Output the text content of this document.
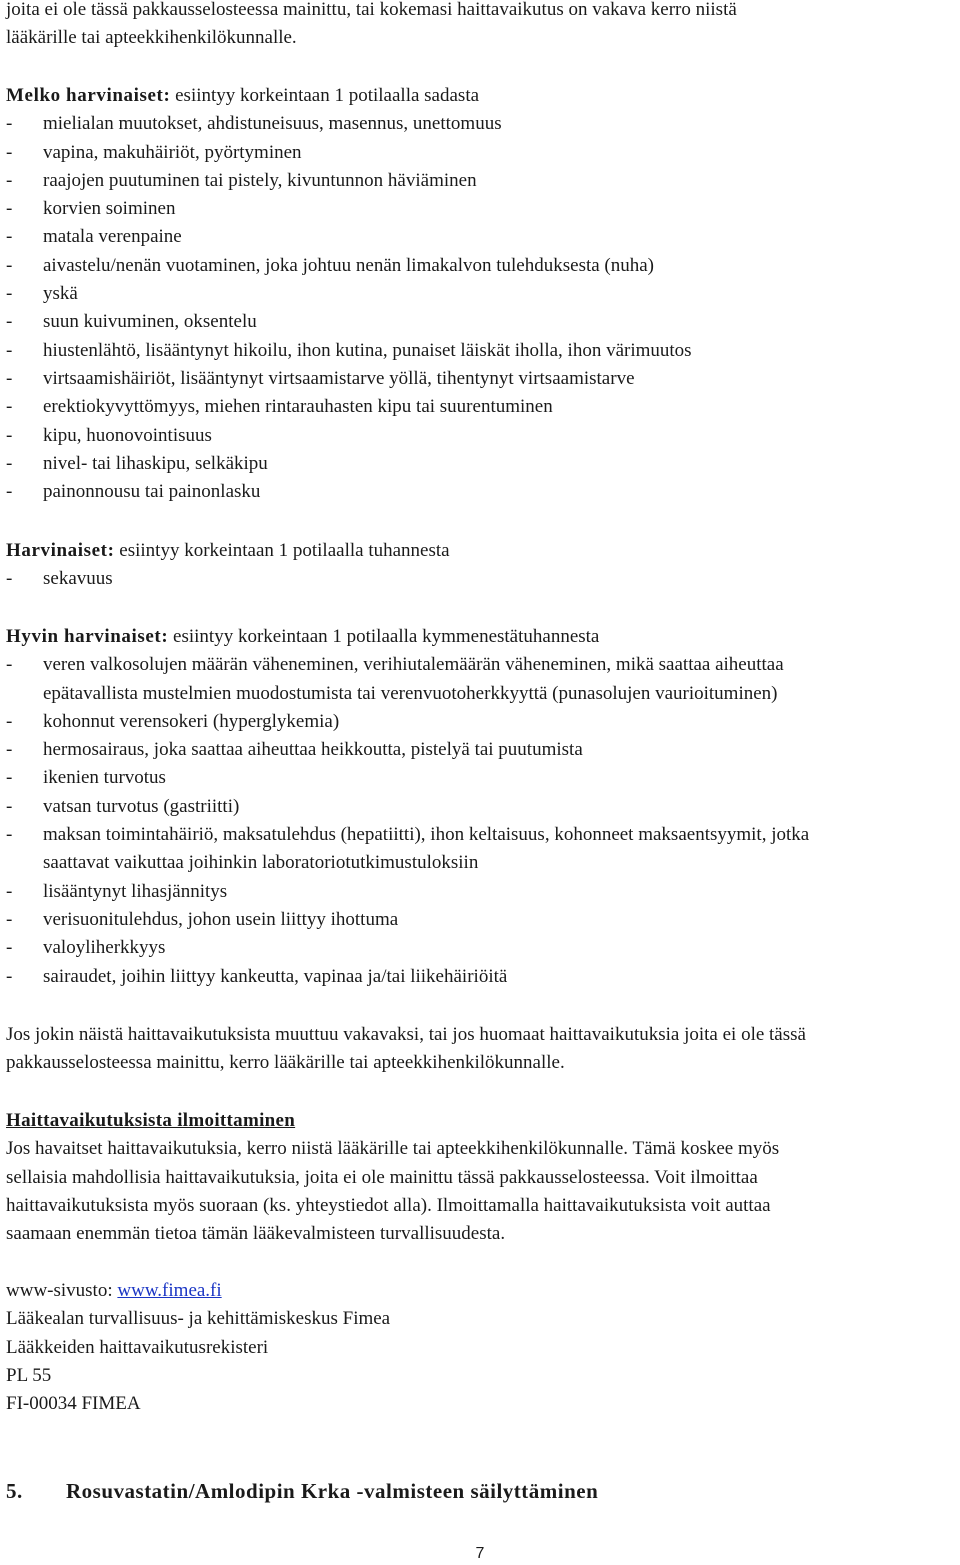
joita ei ole tässä pakkausselosteessa mainittu, tai kokemasi haittavaikutus on vakava kerro niistä
lääkärille tai apteekkihenkilökunnalle.
Melko harvinaiset: esiintyy korkeintaan 1 potilaalla sadasta
-	mielialan muutokset, ahdistuneisuus, masennus, unettomuus
-	vapina, makuhäiriöt, pyörtyminen
-	raajojen puutuminen tai pistely, kivuntunnon häviäminen
-	korvien soiminen
-	matala verenpaine
-	aivastelu/nenän vuotaminen, joka johtuu nenän limakalvon tulehduksesta (nuha)
-	yskä
-	suun kuivuminen, oksentelu
-	hiustenlähtö, lisääntynyt hikoilu, ihon kutina, punaiset läiskät iholla, ihon värimuutos
-	virtsaamishäiriöt, lisääntynyt virtsaamistarve yöllä, tihentynyt virtsaamistarve
-	erektiokyvyttömyys, miehen rintarauhasten kipu tai suurentuminen
-	kipu, huonovointisuus
-	nivel- tai lihaskipu, selkäkipu
-	painonnousu tai painonlasku
Harvinaiset: esiintyy korkeintaan 1 potilaalla tuhannesta
-	sekavuus
Hyvin harvinaiset: esiintyy korkeintaan 1 potilaalla kymmenestätuhannesta
-	veren valkosolujen määrän väheneminen, verihiutalemäärän väheneminen, mikä saattaa aiheuttaa
epätavallista mustelmien muodostumista tai verenvuotoherkkyyttä (punasolujen vaurioituminen)
-	kohonnut verensokeri (hyperglykemia)
-	hermosairaus, joka saattaa aiheuttaa heikkoutta, pistelyä tai puutumista
-	ikenien turvotus
-	vatsan turvotus (gastriitti)
-	maksan toimintahäiriö, maksatulehdus (hepatiitti), ihon keltaisuus, kohonneet maksaentsyymit, jotka
saattavat vaikuttaa joihinkin laboratoriotutkimustuloksiin
-	lisääntynyt lihasjännitys
-	verisuonitulehdus, johon usein liittyy ihottuma
-	valoyliherkkyys
-	sairaudet, joihin liittyy kankeutta, vapinaa ja/tai liikehäiriöitä
Jos jokin näistä haittavaikutuksista muuttuu vakavaksi, tai jos huomaat haittavaikutuksia joita ei ole tässä
pakkausselosteessa mainittu, kerro lääkärille tai apteekkihenkilökunnalle.
Haittavaikutuksista ilmoittaminen
Jos havaitset haittavaikutuksia, kerro niistä lääkärille tai apteekkihenkilökunnalle. Tämä koskee myös
sellaisia mahdollisia haittavaikutuksia, joita ei ole mainittu tässä pakkausselosteessa. Voit ilmoittaa
haittavaikutuksista myös suoraan (ks. yhteystiedot alla). Ilmoittamalla haittavaikutuksista voit auttaa
saamaan enemmän tietoa tämän lääkevalmisteen turvallisuudesta.
www-sivusto: www.fimea.fi
Lääkealan turvallisuus- ja kehittämiskeskus Fimea
Lääkkeiden haittavaikutusrekisteri
PL 55
FI-00034 FIMEA
5.	Rosuvastatin/Amlodipin Krka -valmisteen säilyttäminen
7
